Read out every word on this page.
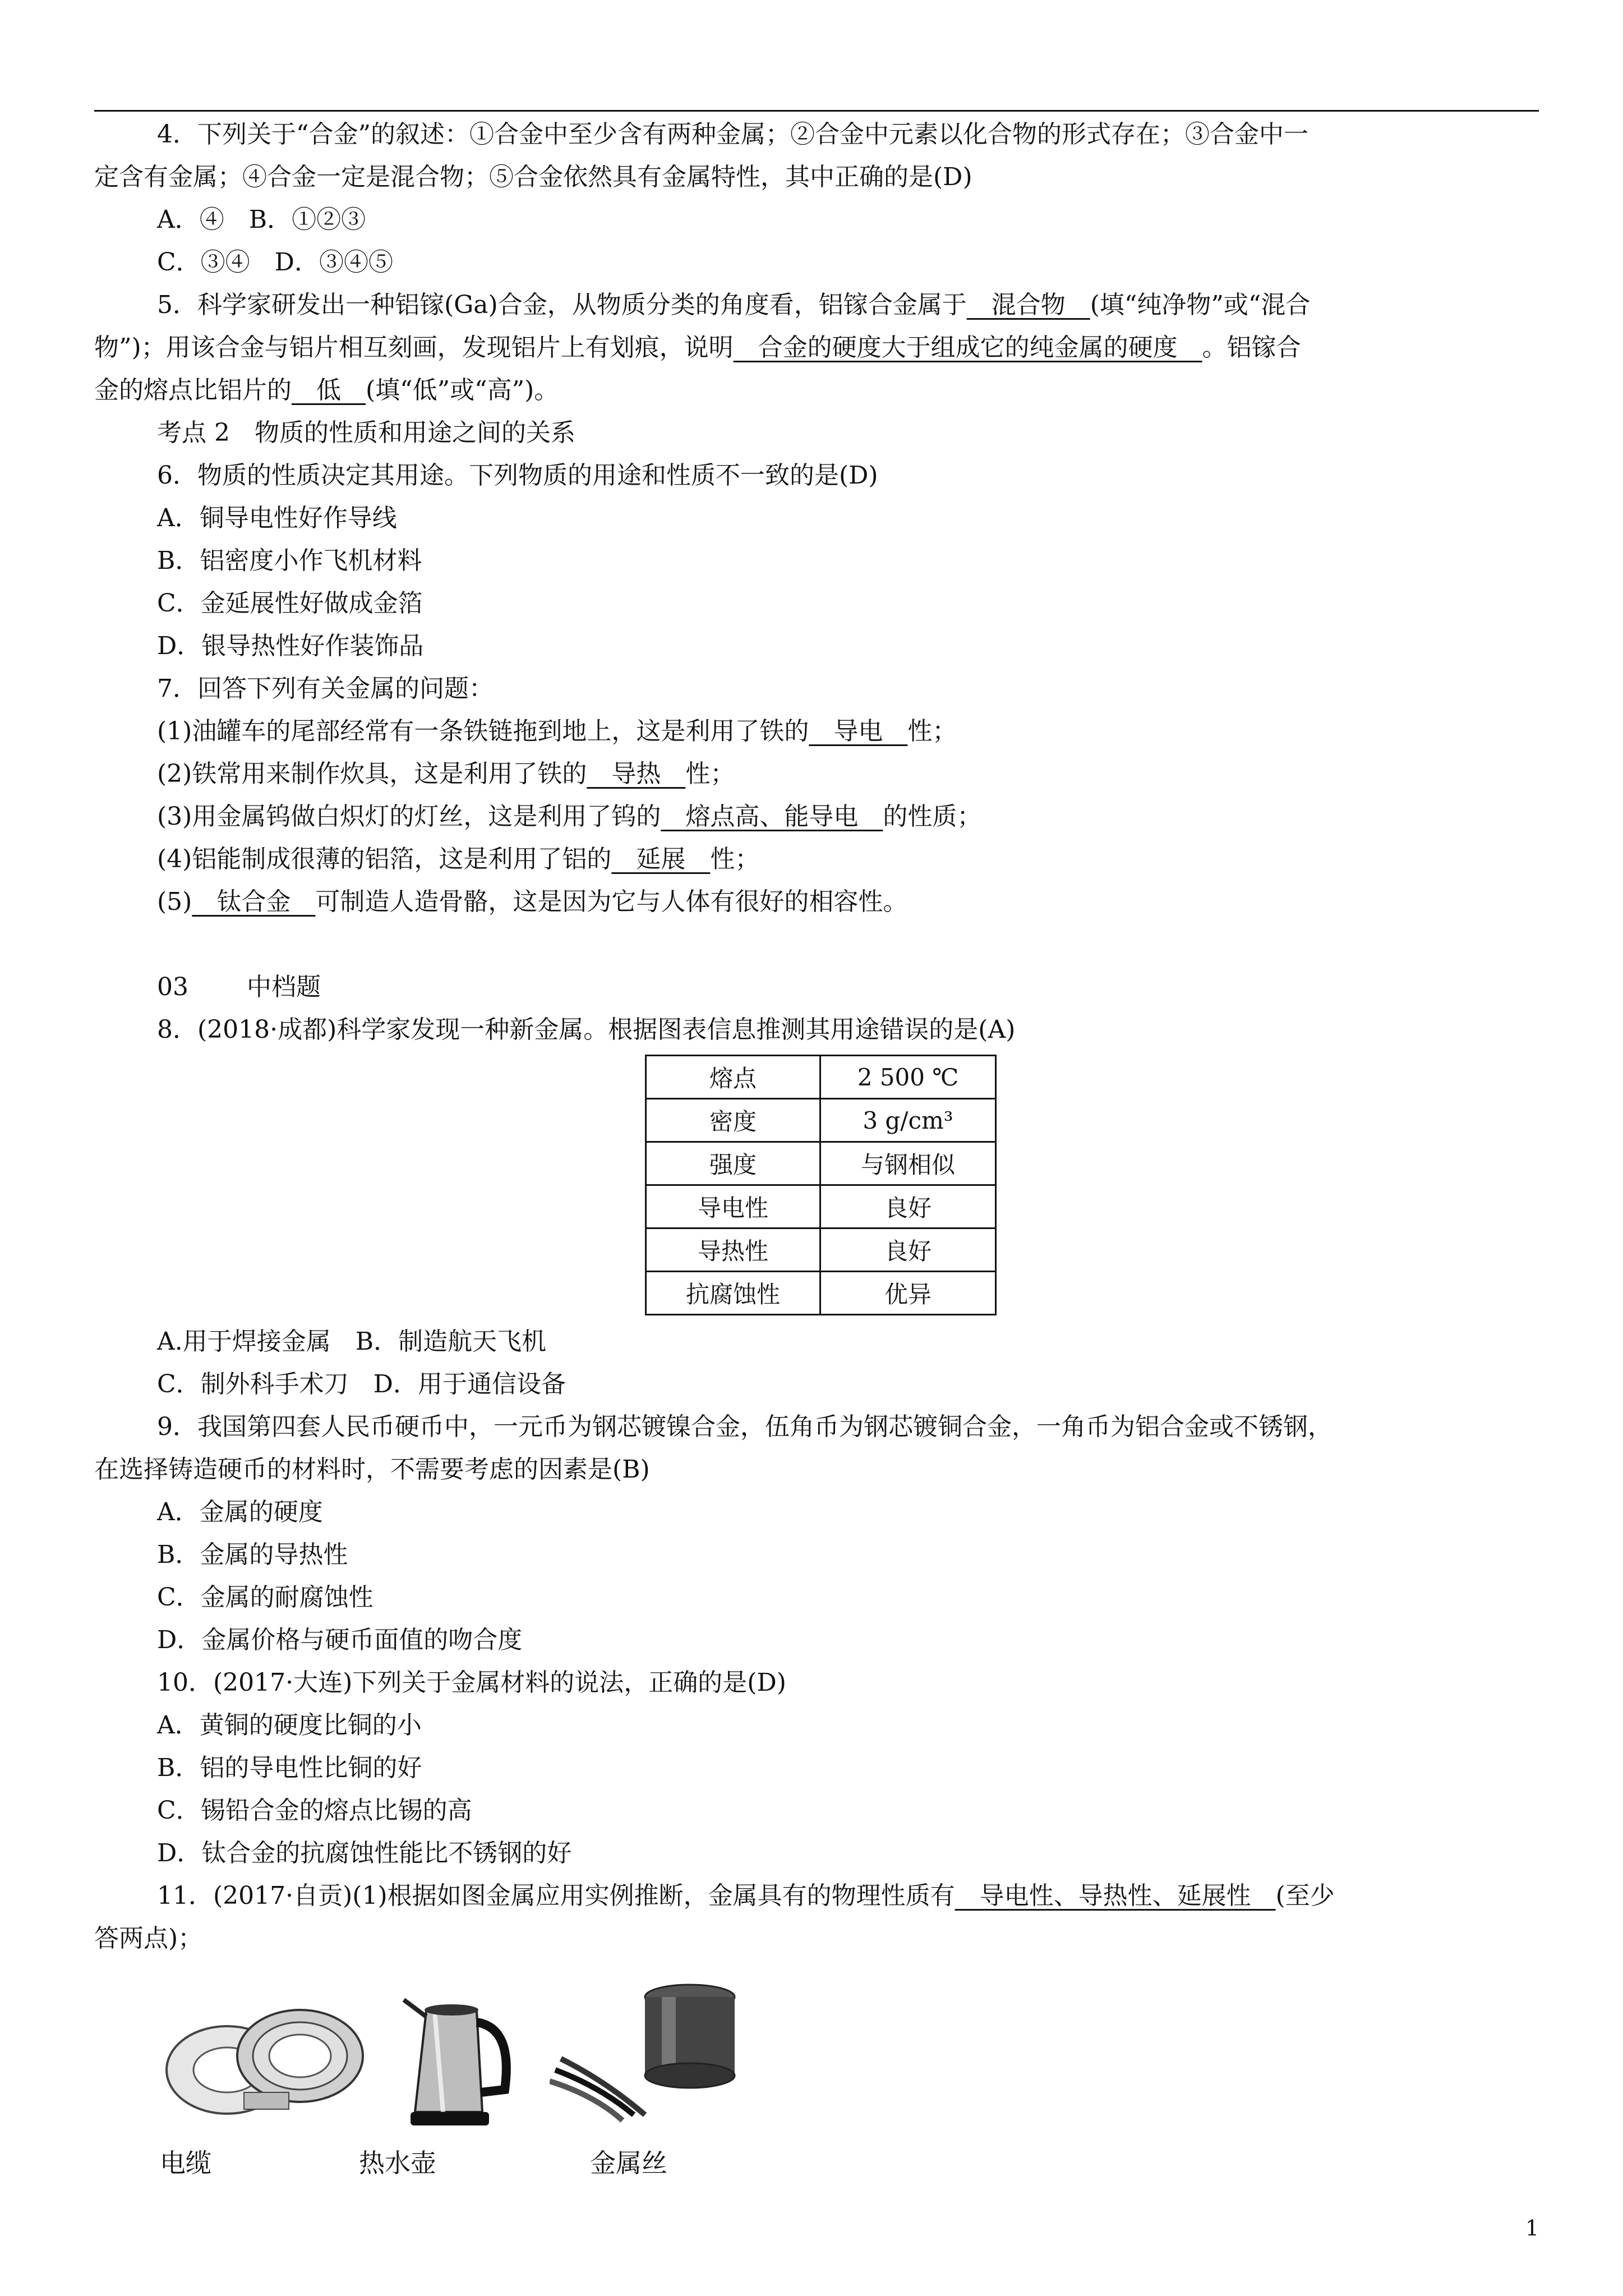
4．下列关于“合金”的叙述：①合金中至少含有两种金属；②合金中元素以化合物的形式存在；③合金中一
定含有金属；④合金一定是混合物；⑤合金依然具有金属特性，其中正确的是(D)
A．④　B．①②③
C．③④　D．③④⑤
5．科学家研发出一种铝镓(Ga)合金，从物质分类的角度看，铝镓合金属于　混合物　(填“纯净物”或“混合
物”)；用该合金与铝片相互刻画，发现铝片上有划痕，说明　合金的硬度大于组成它的纯金属的硬度　。铝镓合
金的熔点比铝片的　低　(填“低”或“高”)。
考点 2　物质的性质和用途之间的关系
6．物质的性质决定其用途。下列物质的用途和性质不一致的是(D)
A．铜导电性好作导线
B．铝密度小作飞机材料
C．金延展性好做成金箔
D．银导热性好作装饰品
7．回答下列有关金属的问题：
(1)油罐车的尾部经常有一条铁链拖到地上，这是利用了铁的　导电　性；
(2)铁常用来制作炊具，这是利用了铁的　导热　性；
(3)用金属钨做白炽灯的灯丝，这是利用了钨的　熔点高、能导电　的性质；
(4)铝能制成很薄的铝箔，这是利用了铝的　延展　性；
(5)　钛合金　可制造人造骨骼，这是因为它与人体有很好的相容性。
03 中档题
8．(2018·成都)科学家发现一种新金属。根据图表信息推测其用途错误的是(A)
熔点	2 500 ℃
密度	3 g/cm³
强度	与钢相似
导电性	良好
导热性	良好
抗腐蚀性	优异
A.用于焊接金属　B．制造航天飞机
C．制外科手术刀　D．用于通信设备
9．我国第四套人民币硬币中，一元币为钢芯镀镍合金，伍角币为钢芯镀铜合金，一角币为铝合金或不锈钢，
在选择铸造硬币的材料时，不需要考虑的因素是(B)
A．金属的硬度
B．金属的导热性
C．金属的耐腐蚀性
D．金属价格与硬币面值的吻合度
10．(2017·大连)下列关于金属材料的说法，正确的是(D)
A．黄铜的硬度比铜的小
B．铝的导电性比铜的好
C．锡铅合金的熔点比锡的高
D．钛合金的抗腐蚀性能比不锈钢的好
11．(2017·自贡)(1)根据如图金属应用实例推断，金属具有的物理性质有　导电性、导热性、延展性　(至少
答两点)；
电缆	热水壶	金属丝
1
